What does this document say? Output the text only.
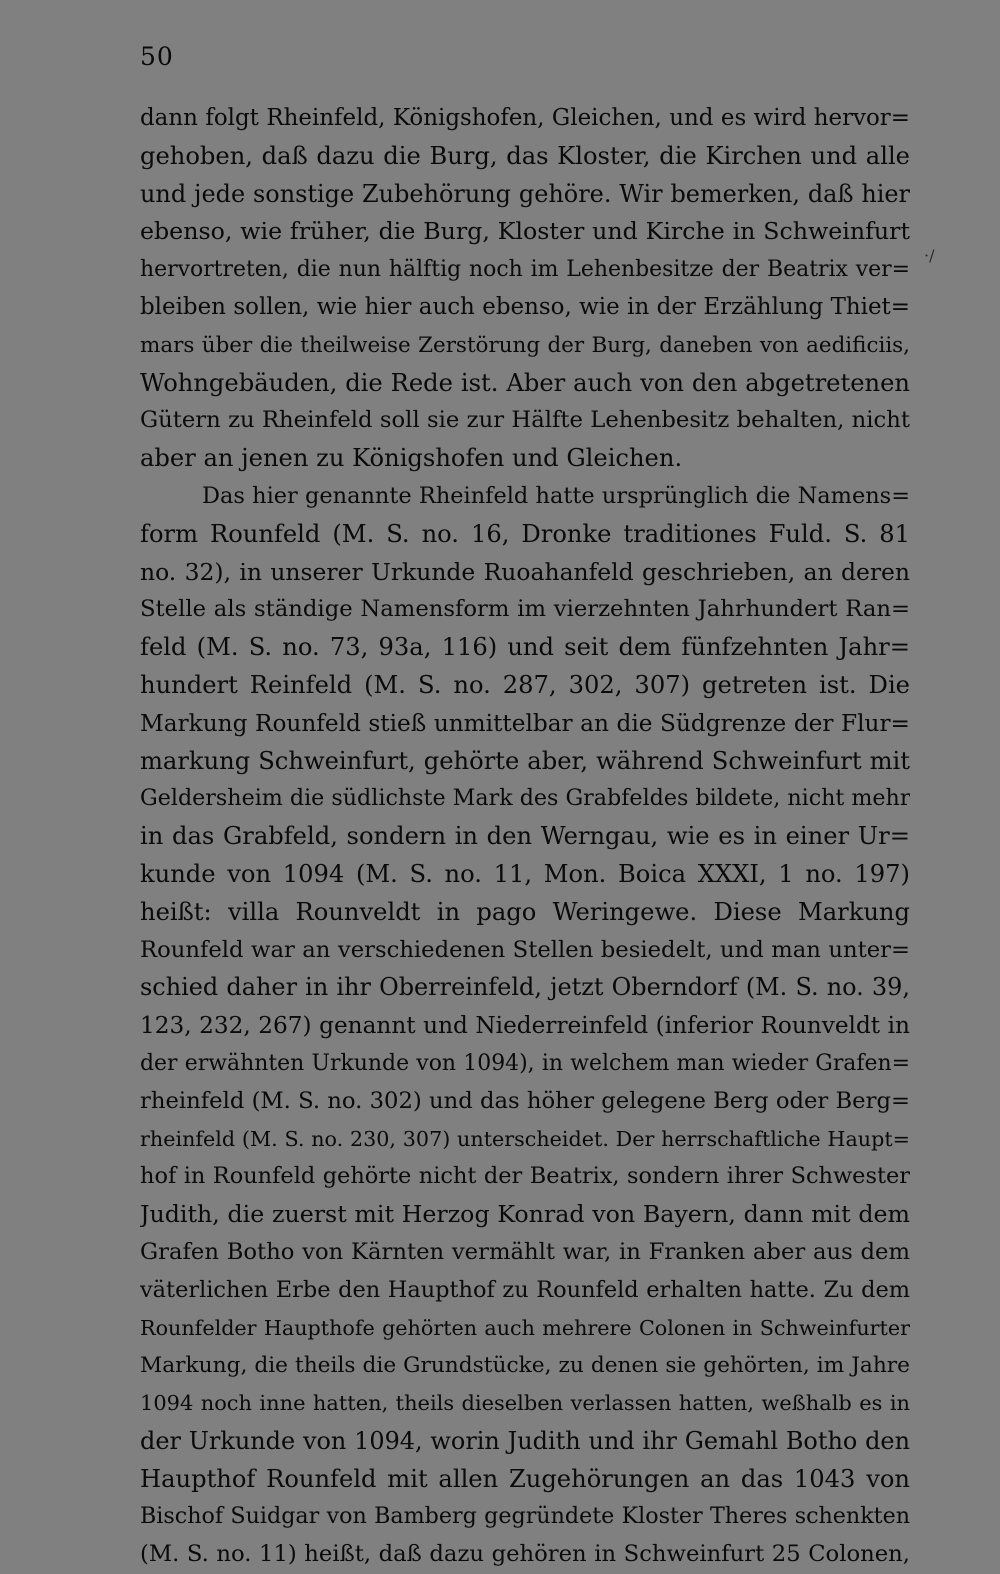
50
·/
dann folgt Rheinfeld, Königshofen, Gleichen, und es wird hervor=
gehoben, daß dazu die Burg, das Kloster, die Kirchen und alle
und jede sonstige Zubehörung gehöre. Wir bemerken, daß hier
ebenso, wie früher, die Burg, Kloster und Kirche in Schweinfurt
hervortreten, die nun hälftig noch im Lehenbesitze der Beatrix ver=
bleiben sollen, wie hier auch ebenso, wie in der Erzählung Thiet=
mars über die theilweise Zerstörung der Burg, daneben von aedificiis,
Wohngebäuden, die Rede ist. Aber auch von den abgetretenen
Gütern zu Rheinfeld soll sie zur Hälfte Lehenbesitz behalten, nicht
aber an jenen zu Königshofen und Gleichen.
Das hier genannte Rheinfeld hatte ursprünglich die Namens=
form Rounfeld (M. S. no. 16, Dronke traditiones Fuld. S. 81
no. 32), in unserer Urkunde Ruoahanfeld geschrieben, an deren
Stelle als ständige Namensform im vierzehnten Jahrhundert Ran=
feld (M. S. no. 73, 93a, 116) und seit dem fünfzehnten Jahr=
hundert Reinfeld (M. S. no. 287, 302, 307) getreten ist. Die
Markung Rounfeld stieß unmittelbar an die Südgrenze der Flur=
markung Schweinfurt, gehörte aber, während Schweinfurt mit
Geldersheim die südlichste Mark des Grabfeldes bildete, nicht mehr
in das Grabfeld, sondern in den Werngau, wie es in einer Ur=
kunde von 1094 (M. S. no. 11, Mon. Boica XXXI, 1 no. 197)
heißt: villa Rounveldt in pago Weringewe. Diese Markung
Rounfeld war an verschiedenen Stellen besiedelt, und man unter=
schied daher in ihr Oberreinfeld, jetzt Oberndorf (M. S. no. 39,
123, 232, 267) genannt und Niederreinfeld (inferior Rounveldt in
der erwähnten Urkunde von 1094), in welchem man wieder Grafen=
rheinfeld (M. S. no. 302) und das höher gelegene Berg oder Berg=
rheinfeld (M. S. no. 230, 307) unterscheidet. Der herrschaftliche Haupt=
hof in Rounfeld gehörte nicht der Beatrix, sondern ihrer Schwester
Judith, die zuerst mit Herzog Konrad von Bayern, dann mit dem
Grafen Botho von Kärnten vermählt war, in Franken aber aus dem
väterlichen Erbe den Haupthof zu Rounfeld erhalten hatte. Zu dem
Rounfelder Haupthofe gehörten auch mehrere Colonen in Schweinfurter
Markung, die theils die Grundstücke, zu denen sie gehörten, im Jahre
1094 noch inne hatten, theils dieselben verlassen hatten, weßhalb es in
der Urkunde von 1094, worin Judith und ihr Gemahl Botho den
Haupthof Rounfeld mit allen Zugehörungen an das 1043 von
Bischof Suidgar von Bamberg gegründete Kloster Theres schenkten
(M. S. no. 11) heißt, daß dazu gehören in Schweinfurt 25 Colonen,
